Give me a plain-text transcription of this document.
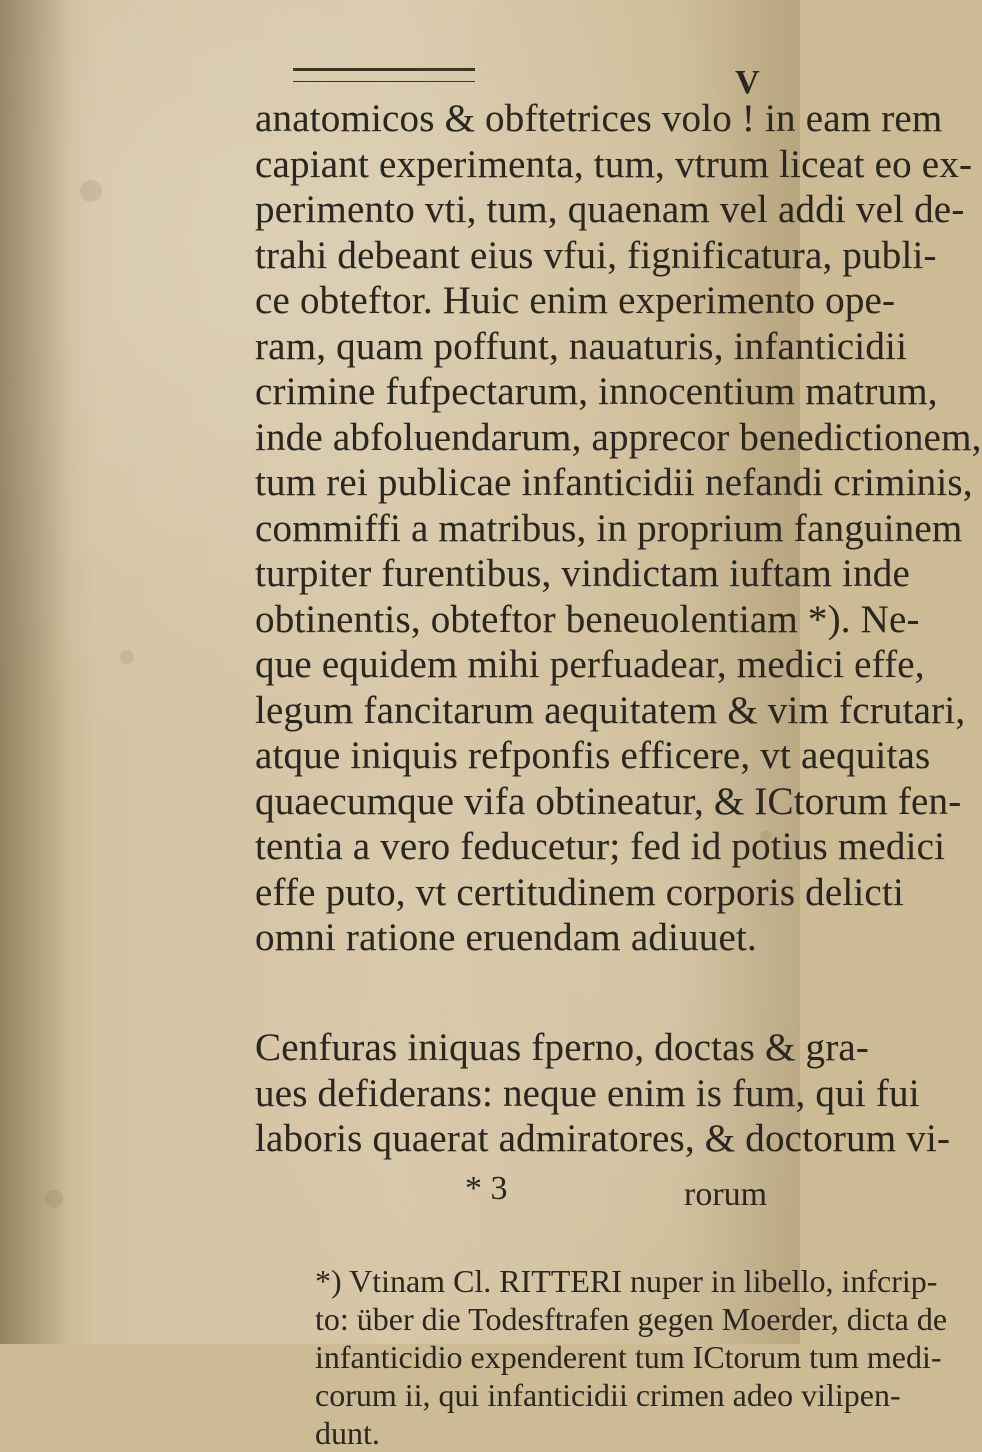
V
anatomicos & obftetrices volo ! in eam rem
capiant experimenta, tum, vtrum liceat eo ex-
perimento vti, tum, quaenam vel addi vel de-
trahi debeant eius vfui, fignificatura, publi-
ce obteftor. Huic enim experimento ope-
ram, quam poffunt, nauaturis, infanticidii
crimine fufpectarum, innocentium matrum,
inde abfoluendarum, apprecor benedictionem,
tum rei publicae infanticidii nefandi criminis,
commiffi a matribus, in proprium fanguinem
turpiter furentibus, vindictam iuftam inde
obtinentis, obteftor beneuolentiam *). Ne-
que equidem mihi perfuadear, medici effe,
legum fancitarum aequitatem & vim fcrutari,
atque iniquis refponfis efficere, vt aequitas
quaecumque vifa obtineatur, & ICtorum fen-
tentia a vero feducetur; fed id potius medici
effe puto, vt certitudinem corporis delicti
omni ratione eruendam adiuuet.
Cenfuras iniquas fperno, doctas & gra-
ues defiderans: neque enim is fum, qui fui
laboris quaerat admiratores, & doctorum vi-
* 3	rorum
*) Vtinam Cl. RITTERI nuper in libello, infcrip-
to: über die Todesftrafen gegen Moerder, dicta de
infanticidio expenderent tum ICtorum tum medi-
corum ii, qui infanticidii crimen adeo vilipen-
dunt.
